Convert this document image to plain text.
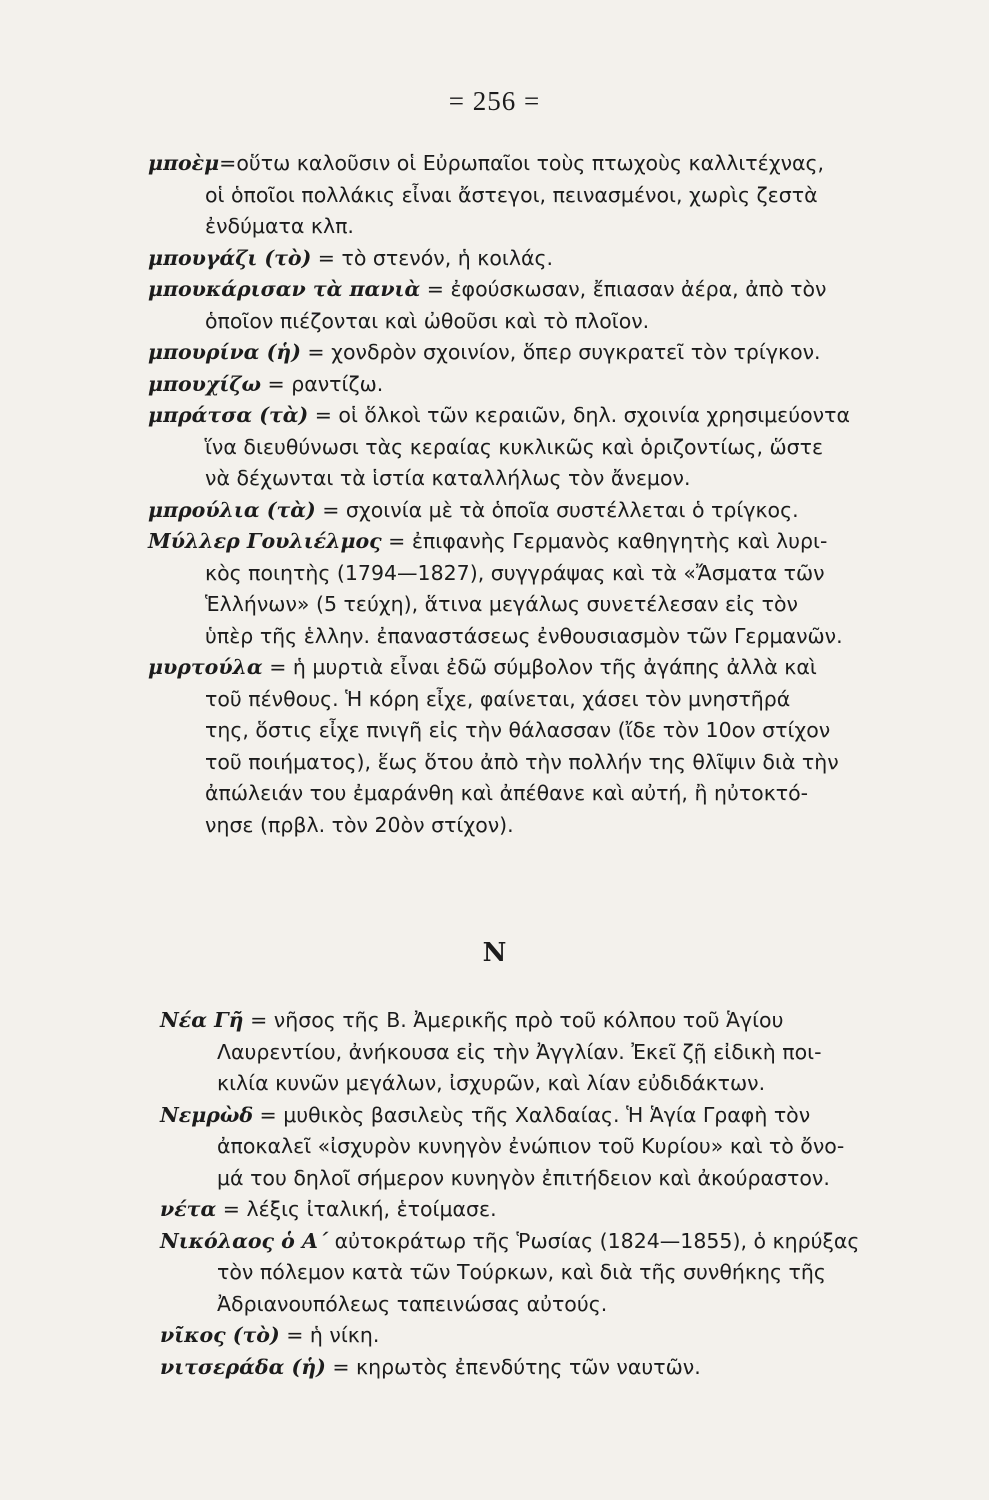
= 256 =
μποὲμ=οὕτω καλοῦσιν οἱ Εὐρωπαῖοι τοὺς πτωχοὺς καλλιτέχνας,
οἱ ὁποῖοι πολλάκις εἶναι ἄστεγοι, πεινασμένοι, χωρὶς ζεστὰ
ἐνδύματα κλπ.
μπουγάζι (τὸ) = τὸ στενόν, ἡ κοιλάς.
μπουκάρισαν τὰ πανιὰ = ἐφούσκωσαν, ἔπιασαν ἀέρα, ἀπὸ τὸν
ὁποῖον πιέζονται καὶ ὠθοῦσι καὶ τὸ πλοῖον.
μπουρίνα (ἡ) = χονδρὸν σχοινίον, ὅπερ συγκρατεῖ τὸν τρίγκον.
μπουχίζω = ραντίζω.
μπράτσα (τὰ) = οἱ ὅλκοὶ τῶν κεραιῶν, δηλ. σχοινία χρησιμεύοντα
ἵνα διευθύνωσι τὰς κεραίας κυκλικῶς καὶ ὁριζοντίως, ὥστε
νὰ δέχωνται τὰ ἱστία καταλλήλως τὸν ἄνεμον.
μπρούλια (τὰ) = σχοινία μὲ τὰ ὁποῖα συστέλλεται ὁ τρίγκος.
Μύλλερ Γουλιέλμος = ἐπιφανὴς Γερμανὸς καθηγητὴς καὶ λυρι-
κὸς ποιητὴς (1794—1827), συγγράψας καὶ τὰ «Ἄσματα τῶν
Ἑλλήνων» (5 τεύχη), ἅτινα μεγάλως συνετέλεσαν εἰς τὸν
ὑπὲρ τῆς ἑλλην. ἐπαναστάσεως ἐνθουσιασμὸν τῶν Γερμανῶν.
μυρτούλα = ἡ μυρτιὰ εἶναι ἐδῶ σύμβολον τῆς ἀγάπης ἀλλὰ καὶ
τοῦ πένθους. Ἡ κόρη εἶχε, φαίνεται, χάσει τὸν μνηστῆρά
της, ὅστις εἶχε πνιγῆ εἰς τὴν θάλασσαν (ἴδε τὸν 10ον στίχον
τοῦ ποιήματος), ἕως ὅτου ἀπὸ τὴν πολλήν της θλῖψιν διὰ τὴν
ἀπώλειάν του ἐμαράνθη καὶ ἀπέθανε καὶ αὐτή, ἢ ηὐτοκτό-
νησε (πρβλ. τὸν 20ὸν στίχον).
Ν
Νέα Γῆ = νῆσος τῆς Β. Ἀμερικῆς πρὸ τοῦ κόλπου τοῦ Ἁγίου
Λαυρεντίου, ἀνήκουσα εἰς τὴν Ἀγγλίαν. Ἐκεῖ ζῇ εἰδικὴ ποι-
κιλία κυνῶν μεγάλων, ἰσχυρῶν, καὶ λίαν εὐδιδάκτων.
Νεμρὼδ = μυθικὸς βασιλεὺς τῆς Χαλδαίας. Ἡ Ἁγία Γραφὴ τὸν
ἀποκαλεῖ «ἰσχυρὸν κυνηγὸν ἐνώπιον τοῦ Κυρίου» καὶ τὸ ὄνο-
μά του δηλοῖ σήμερον κυνηγὸν ἐπιτήδειον καὶ ἀκούραστον.
νέτα = λέξις ἰταλική, ἑτοίμασε.
Νικόλαος ὁ Α΄ αὐτοκράτωρ τῆς Ῥωσίας (1824—1855), ὁ κηρύξας
τὸν πόλεμον κατὰ τῶν Τούρκων, καὶ διὰ τῆς συνθήκης τῆς
Ἀδριανουπόλεως ταπεινώσας αὐτούς.
νῖκος (τὸ) = ἡ νίκη.
νιτσεράδα (ἡ) = κηρωτὸς ἐπενδύτης τῶν ναυτῶν.
